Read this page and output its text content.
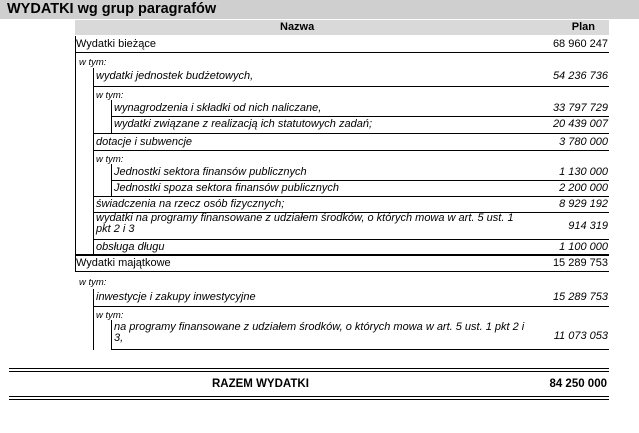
WYDATKI wg grup paragrafów
Nazwa	Plan
Wydatki bieżące	68 960 247
w tym:
wydatki jednostek budżetowych,	54 236 736
w tym:
wynagrodzenia i składki od nich naliczane,	33 797 729
wydatki związane z realizacją ich statutowych zadań;	20 439 007
dotacje i subwencje	3 780 000
w tym:
Jednostki sektora finansów publicznych	1 130 000
Jednostki spoza sektora finansów publicznych	2 200 000
świadczenia na rzecz osób fizycznych;	8 929 192
wydatki na programy finansowane z udziałem środków, o których mowa w art. 5 ust. 1 pkt 2 i 3	914 319
obsługa długu	1 100 000
Wydatki majątkowe	15 289 753
w tym:
inwestycje i zakupy inwestycyjne	15 289 753
w tym:
na programy finansowane z udziałem środków, o których mowa w art. 5 ust. 1 pkt 2 i 3,	11 073 053
RAZEM WYDATKI	84 250 000
